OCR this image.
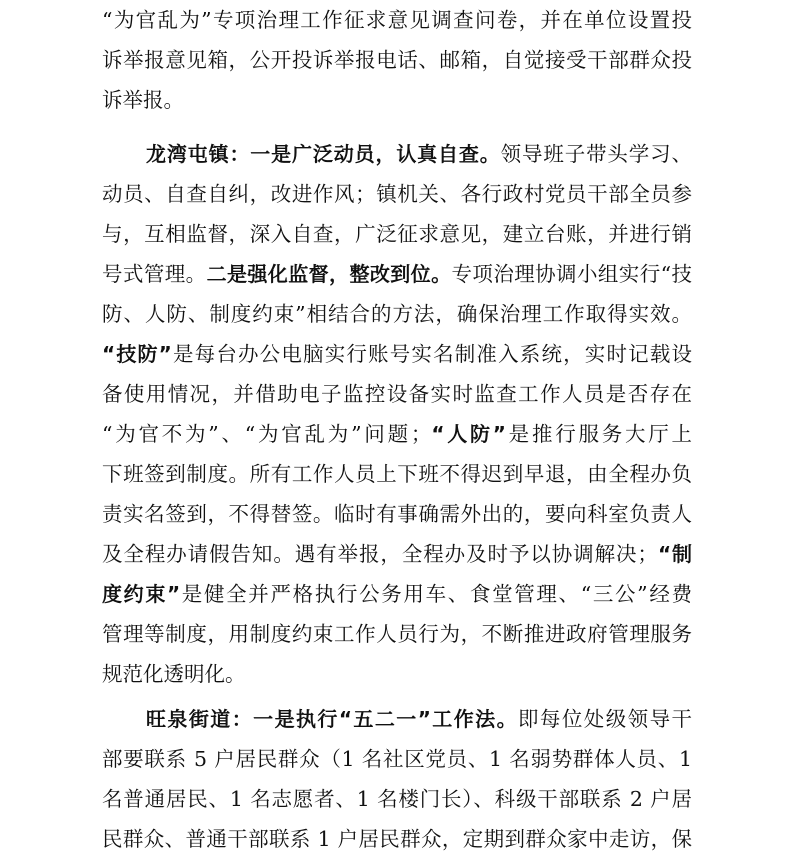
“为官乱为”专项治理工作征求意见调查问卷，并在单位设置投
诉举报意见箱，公开投诉举报电话、邮箱，自觉接受干部群众投
诉举报。
龙湾屯镇：一是广泛动员，认真自查。领导班子带头学习、
动员、自查自纠，改进作风；镇机关、各行政村党员干部全员参
与，互相监督，深入自查，广泛征求意见，建立台账，并进行销
号式管理。二是强化监督，整改到位。专项治理协调小组实行“技
防、人防、制度约束”相结合的方法，确保治理工作取得实效。
“技防”是每台办公电脑实行账号实名制准入系统，实时记载设
备使用情况，并借助电子监控设备实时监查工作人员是否存在
“为官不为”、“为官乱为”问题；“人防”是推行服务大厅上
下班签到制度。所有工作人员上下班不得迟到早退，由全程办负
责实名签到，不得替签。临时有事确需外出的，要向科室负责人
及全程办请假告知。遇有举报，全程办及时予以协调解决；“制
度约束”是健全并严格执行公务用车、食堂管理、“三公”经费
管理等制度，用制度约束工作人员行为，不断推进政府管理服务
规范化透明化。
旺泉街道：一是执行“五二一”工作法。即每位处级领导干
部要联系 5 户居民群众（1 名社区党员、1 名弱势群体人员、1
名普通居民、1 名志愿者、1 名楼门长）、科级干部联系 2 户居
民群众、普通干部联系 1 户居民群众，定期到群众家中走访，保
